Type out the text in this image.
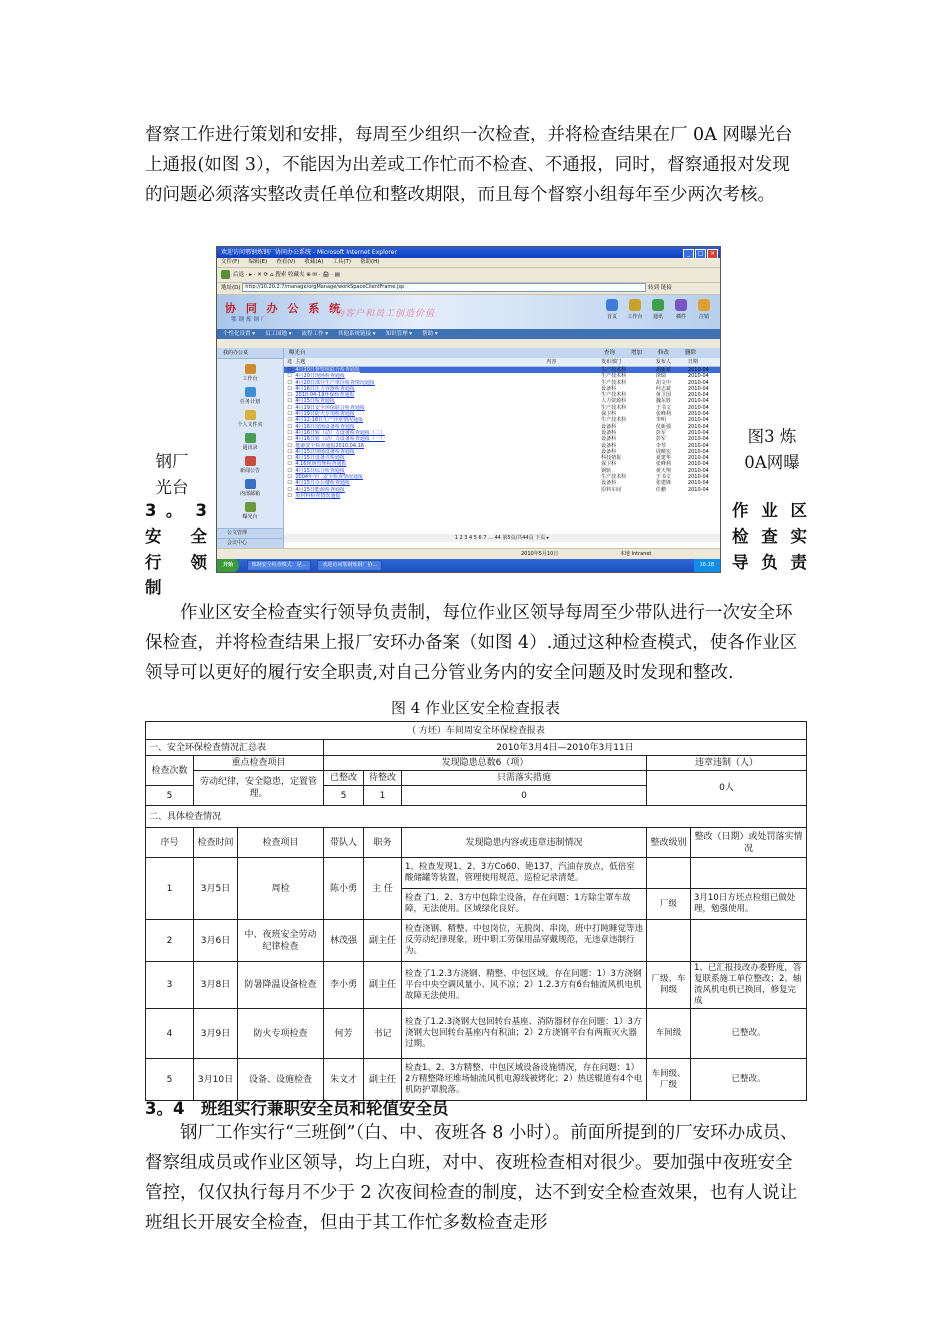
督察工作进行策划和安排，每周至少组织一次检查，并将检查结果在厂 0A 网曝光台上通报(如图 3），不能因为出差或工作忙而不检查、不通报，同时，督察通报对发现的问题必须落实整改责任单位和整改期限，而且每个督察小组每年至少两次考核。

欢迎访问鄂钢炼钢厂协同办公系统 - Microsoft Internet Explorer	_ □ ×
文件(F) 编辑(E) 查看(V) 收藏(A) 工具(T) 帮助(H)
后退 · ▸ · ✕ ⟳ ⌂ 搜索 收藏夹 ⊕ ✉ · 🖨 · ▤
地址(D) http://10.20.2.7/manage/orgManage/workSpaceClientFrame.jsp	转到 链接
协 同 办 公 系 统
鄂钢炼钢厂
为客户和员工创造价值	首页 工作台 通讯	插件	注销
个性化设置 ▾ 员工园地 ▾ 流程工作 ▾ 其他系统链接 ▾ 知识管理 ▾ 帮助 ▾
我的办公桌
工作台
任务计划
个人文件夹
通讯录
新闻公告
内部邮箱
曝光台
公文管理
会议中心
曝光台	查询	增加	修改	删除
选 主题	内容	发布部门	发布人	日期
☐ 4月20日督察组联合检查通报	生产技术科	胡新斌	2010-04
☐ 4月20日现场检查通报	生产技术科	徐瑞	2010-04
☐ 4月20日部分生产单位检查情况通报	生产技术科	胡文中	2010-04
☐ 4月16日压力容器检查通报	设备科	何志斌	2010-04
☐ 2010-04-19环保检查通报	生产技术科	黄卫国	2010-04
☐ 4月15日检查通报	人力资源科	魏东胜	2010-04
☐ 4月19日安全环保联合检查通报	生产技术科	王书文	2010-04
☐ 4月19日防火专项检查通报	保卫科	张峰利	2010-04
☐ 4月12-18日生产异常情况通报	生产技术科	李明	2010-04
☐ 4月16日现场设备检查通报	设备科	侯新强	2010-04
☐ 4月16日转（动）力设备检查通报（二）	设备科	彭军	2010-04
☐ 4月16日转（动）力设备检查通报（一）	设备科	彭军	2010-04
☐ 能源安全检查通报2010.04.16	设备科	李琴	2010-04
☐ 4月15日现场设备检查通报	设备科	周映宏	2010-04
☐ 4月15日设备点检通报	科技情报	夏建华	2010-04
☐ 4.16现场管理检查通报	保卫科	张峰利	2010-04
☐ 4月15日综合检查通报	钢轨	黄天翔	2010-04
☐ 2004年全厂安全检查情况通报	生产技术科	王书文	2010-04
☐ 4月15日办公楼检查通报	设备科	张建锋	2010-04
☐ 4月15日能源检查通报	原料车间	任鹏	2010-04
☐ 原材料检查情况通报
1 2 3 4 5 6 7 ... 44 第5页/共44页 下页 ▸
2010年5月10日	本地 Intranet
开始	炼钢安全检查模式：是...	欢迎访问鄂钢炼钢厂协...	16:18
图3 炼0A网曝
钢厂光台
3 。 3
安 全
行 领
制
作 业 区
检 查 实
导 负 责

作业区安全检查实行领导负责制，每位作业区领导每周至少带队进行一次安全环保检查，并将检查结果上报厂安环办备案（如图 4）.通过这种检查模式，使各作业区领导可以更好的履行安全职责,对自己分管业务内的安全问题及时发现和整改.

图 4 作业区安全检查报表
（ 方坯）车间周安全环保检查报表							
一、安全环保检查情况汇总表			2010年3月4日—2010年3月11日				
检查次数	重点检查项目		发现隐患总数6（项）			违章违制（人）	
	劳动纪律，安全隐患，定置管理。		已整改	待整改	只需落实措施	0人	
5			5	1	0		
二、具体检查情况							
序号	检查时间	检查项目	带队人	职务	发现隐患内容或违章违制情况	整改级别	整改（日期）或处罚落实情况
1	3月5日	周检	陈小勇	主 任	1、检查发现1、2、3方Co60、铯137，汽油存放点，低倍室酸储罐等装置，管理使用规范，巡检记录清楚。		
					检查了1、2、3方中包除尘设备，存在问题：1方除尘罩车故障，无法使用。区域绿化良好。	厂级	3月10日方坯点检组已做处理，勉强使用。
2	3月6日	中、夜班安全劳动纪律检查	林茂强	副主任	检查浇钢、精整、中包岗位，无脱岗、串岗，班中打盹睡觉等违反劳动纪律现象，班中职工劳保用品穿戴规范，无违章违制行为。		
3	3月8日	防暑降温设备检查	李小勇	副主任	检查了1.2.3方浇钢、精整、中包区域。存在问题：1）3方浇钢平台中央空调风量小、风不凉；2）1.2.3方有6台轴流风机电机故障无法使用。	厂级、车间级	1、已汇报技改办委野度，答复联系施工单位整改；2、轴流风机电机已换回，修复完成
4	3月9日	防火专项检查	何芳	书记	检查了1.2.3浇钢大包回转台基座、消防器材存在问题：1）3方浇钢大包回转台基座内有积油；2）2方浇钢平台有两瓶灭火器过期。	车间级	已整改。
5	3月10日	设备、设施检查	朱文才	副主任	检查1、2、3方精整、中包区域设备设施情况，存在问题：1）2方精整降坯堆场轴流风机电源线被烤化；2）热送辊道有4个电机防护罩脱落。	车间级、厂级	已整改。
3。4　班组实行兼职安全员和轮值安全员

钢厂工作实行“三班倒”（白、中、夜班各 8 小时）。前面所提到的厂安环办成员、督察组成员或作业区领导，均上白班，对中、夜班检查相对很少。要加强中夜班安全管控，仅仅执行每月不少于 2 次夜间检查的制度，达不到安全检查效果，也有人说让班组长开展安全检查，但由于其工作忙多数检查走形
